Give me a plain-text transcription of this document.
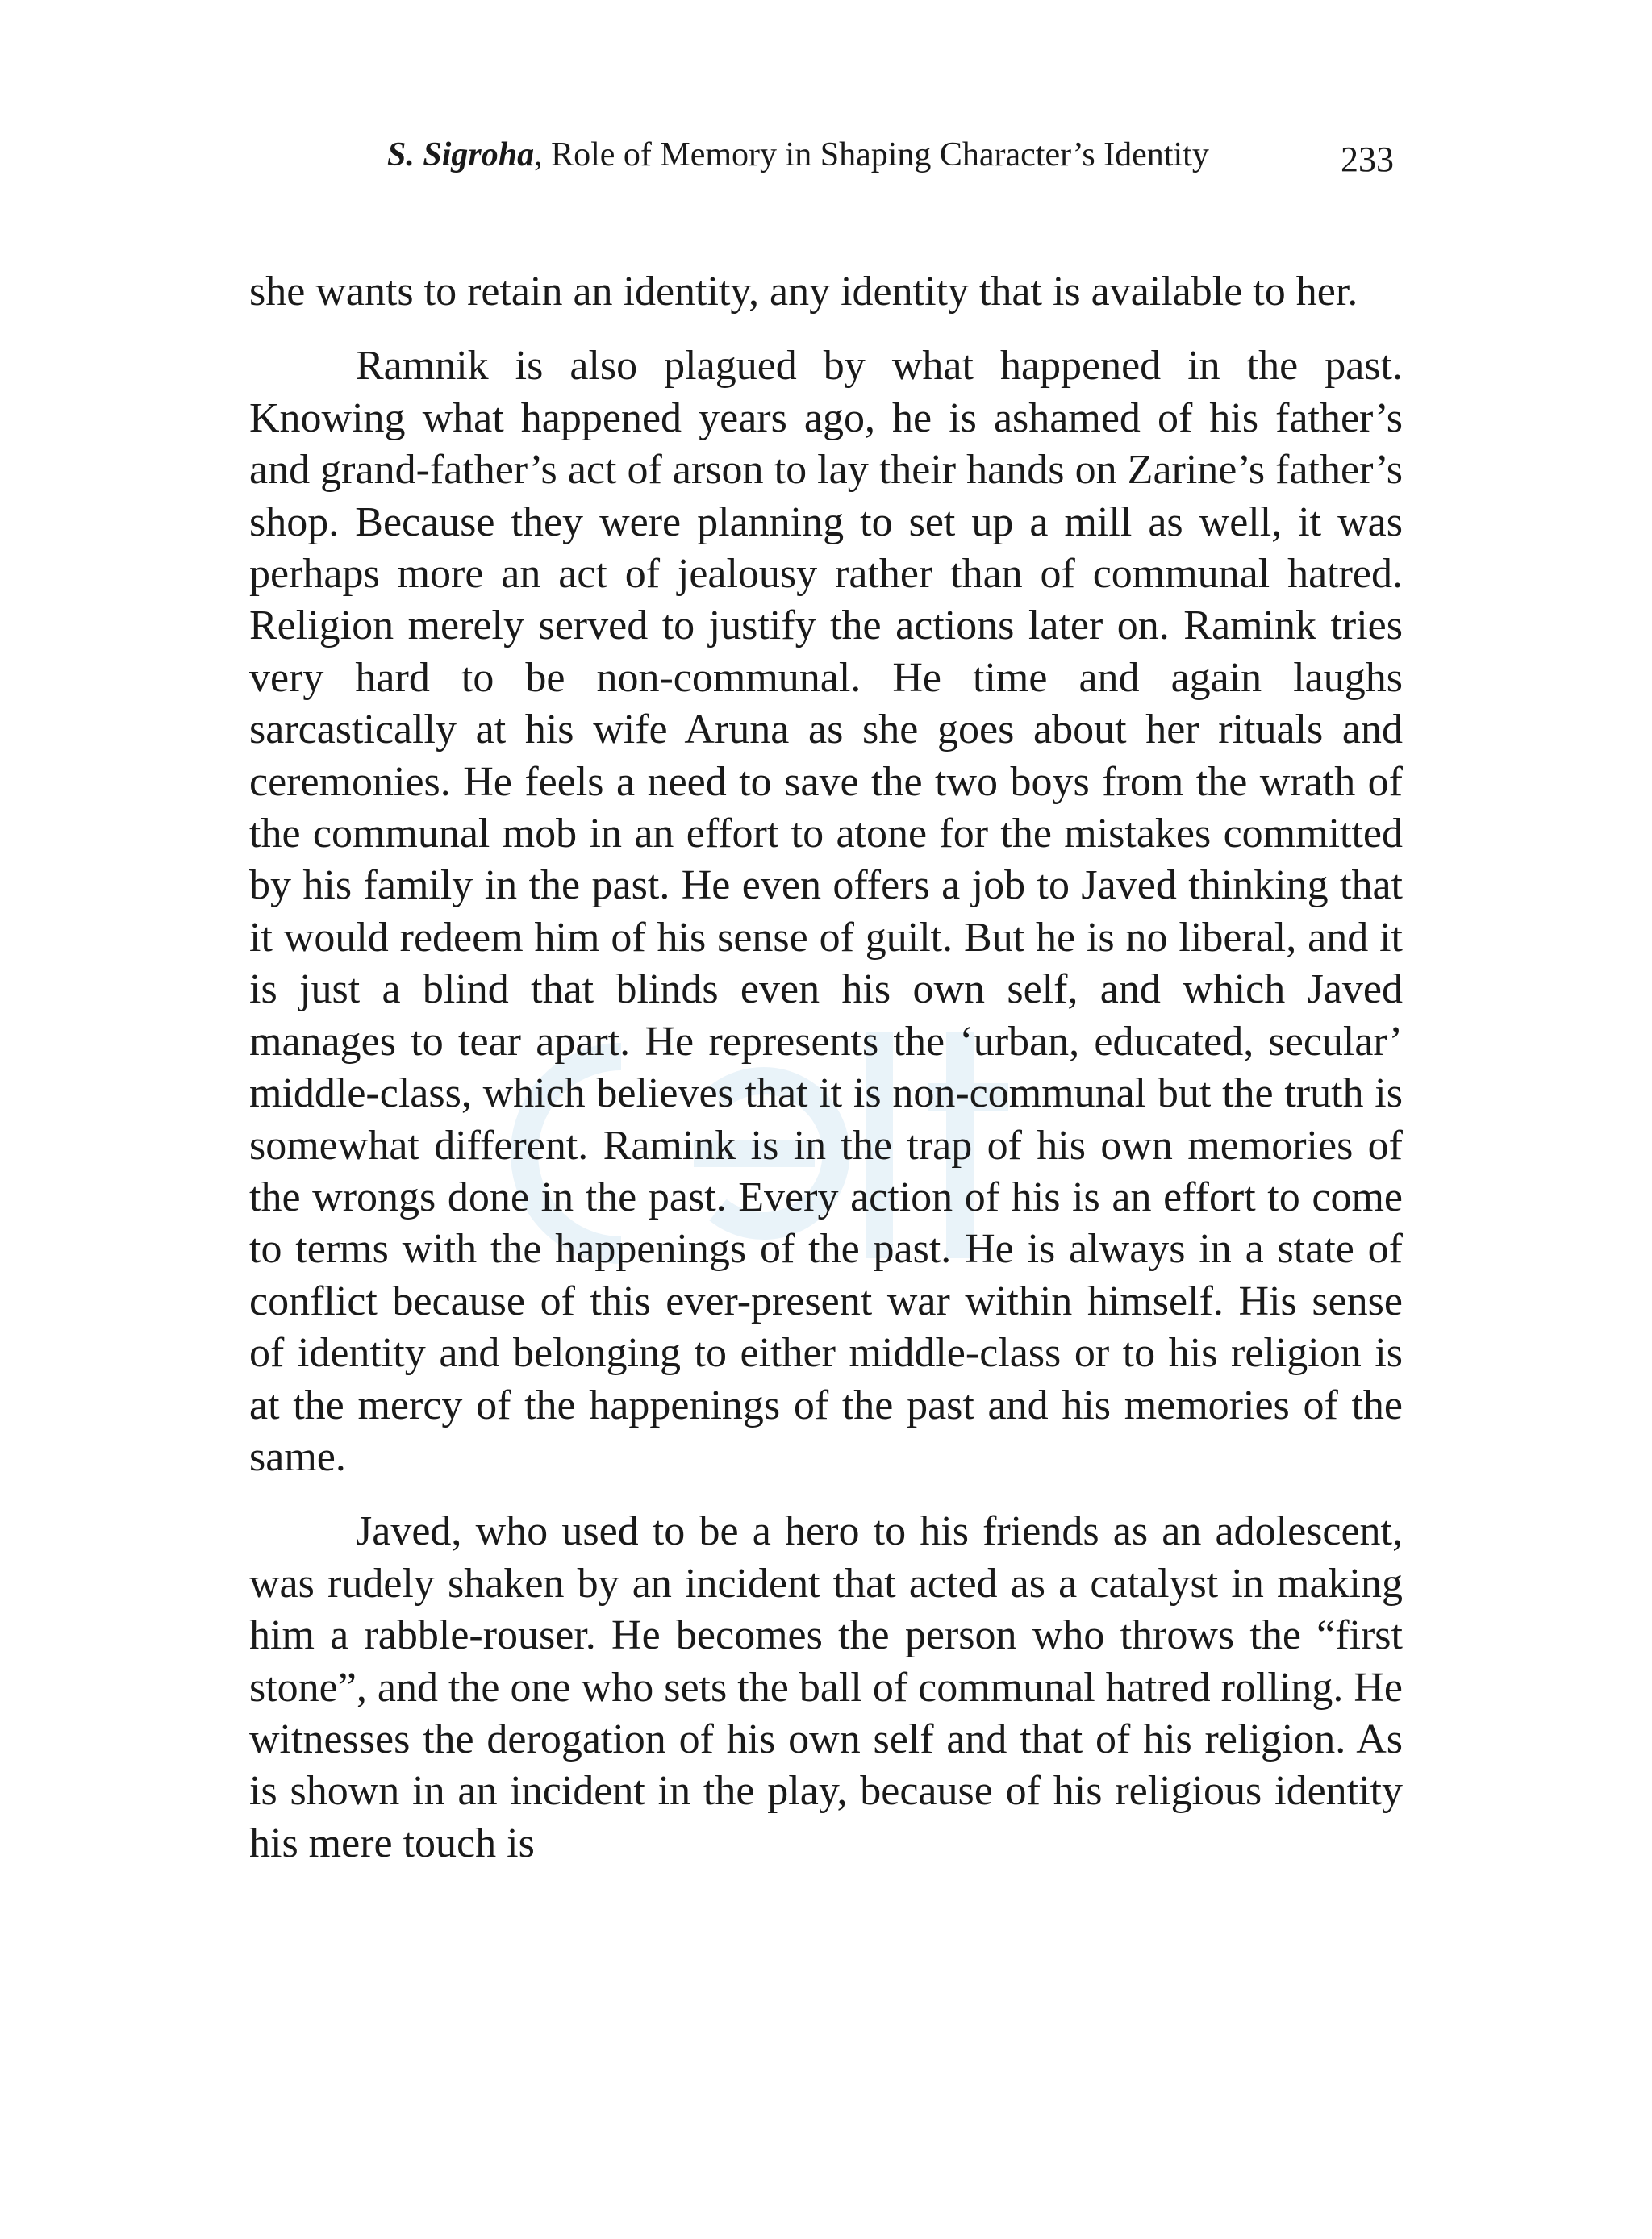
S. Sigroha, Role of Memory in Shaping Character’s Identity	233

she wants to retain an identity, any identity that is available to her.

Ramnik is also plagued by what happened in the past. Knowing what happened years ago, he is ashamed of his father’s and grand-father’s act of arson to lay their hands on Zarine’s father’s shop. Because they were planning to set up a mill as well, it was perhaps more an act of jealousy rather than of communal hatred. Religion merely served to justify the actions later on. Ramink tries very hard to be non-communal. He time and again laughs sarcastically at his wife Aruna as she goes about her rituals and ceremonies. He feels a need to save the two boys from the wrath of the communal mob in an effort to atone for the mistakes committed by his family in the past. He even offers a job to Javed thinking that it would redeem him of his sense of guilt. But he is no liberal, and it is just a blind that blinds even his own self, and which Javed manages to tear apart. He represents the ‘urban, educated, secular’ middle-class, which believes that it is non-communal but the truth is somewhat different. Ramink is in the trap of his own memories of the wrongs done in the past. Every action of his is an effort to come to terms with the happenings of the past. He is always in a state of conflict because of this ever-present war within himself. His sense of identity and belonging to either middle-class or to his religion is at the mercy of the happenings of the past and his memories of the same.

Javed, who used to be a hero to his friends as an adolescent, was rudely shaken by an incident that acted as a catalyst in making him a rabble-rouser. He becomes the person who throws the “first stone”, and the one who sets the ball of communal hatred rolling. He witnesses the derogation of his own self and that of his religion. As is shown in an incident in the play, because of his religious identity his mere touch is
